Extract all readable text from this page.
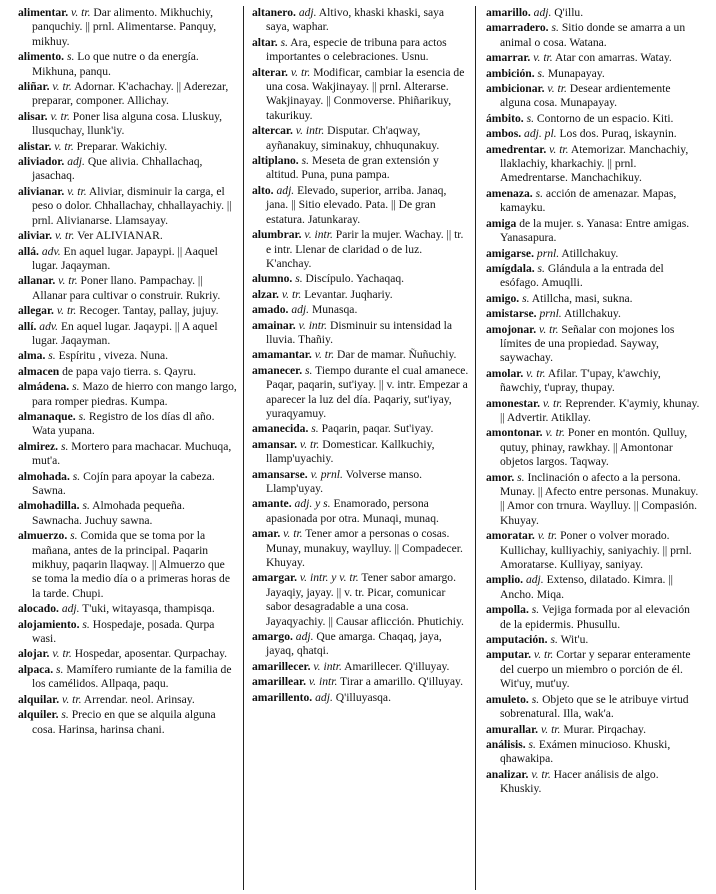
alimentar. v. tr. Dar alimento. Mikhuchiy, panquchiy. || prnl. Alimentarse. Panquy, mikhuy.
alimento. s. Lo que nutre o da energía. Mikhuna, panqu.
aliñar. v. tr. Adornar. K'achachay. || Aderezar, preparar, componer. Allichay.
alisar. v. tr. Poner lisa alguna cosa. Lluskuy, llusquchay, llunk'iy.
alistar. v. tr. Preparar. Wakichiy.
aliviador. adj. Que alivia. Chhallachaq, jasachaq.
alivianar. v. tr. Aliviar, disminuir la carga, el peso o dolor. Chhallachay, chhallayachiy. || prnl. Alivianarse. Llamsayay.
aliviar. v. tr. Ver ALIVIANAR.
allá. adv. En aquel lugar. Japaypi. || Aaquel lugar. Jaqayman.
allanar. v. tr. Poner llano. Pampachay. || Allanar para cultivar o construir. Rukriy.
allegar. v. tr. Recoger. Tantay, pallay, jujuy.
allí. adv. En aquel lugar. Jaqaypi. || A aquel lugar. Jaqayman.
alma. s. Espíritu , viveza. Nuna.
almacen de papa vajo tierra. s. Qayru.
almádena. s. Mazo de hierro con mango largo, para romper piedras. Kumpa.
almanaque. s. Registro de los días dl año. Wata yupana.
almirez. s. Mortero para machacar. Muchuqa, mut'a.
almohada. s. Cojín para apoyar la cabeza. Sawna.
almohadilla. s. Almohada pequeña. Sawnacha. Juchuy sawna.
almuerzo. s. Comida que se toma por la mañana, antes de la principal. Paqarin mikhuy, paqarin llaqway. || Almuerzo que se toma la medio día o a primeras horas de la tarde. Chupi.
alocado. adj. T'uki, witayasqa, thampisqa.
alojamiento. s. Hospedaje, posada. Qurpa wasi.
alojar. v. tr. Hospedar, aposentar. Qurpachay.
alpaca. s. Mamífero rumiante de la familia de los camélidos. Allpaqa, paqu.
alquilar. v. tr. Arrendar. neol. Arinsay.
alquiler. s. Precio en que se alquila alguna cosa. Harinsa, harinsa chani.
altanero. adj. Altivo, khaski khaski, saya saya, waphar.
altar. s. Ara, especie de tribuna para actos importantes o celebraciones. Usnu.
alterar. v. tr. Modificar, cambiar la esencia de una cosa. Wakjinayay. || prnl. Alterarse. Wakjinayay. || Conmoverse. Phiñarikuy, takurikuy.
altercar. v. intr. Disputar. Ch'aqway, ayñanakuy, siminakuy, chhuqunakuy.
altiplano. s. Meseta de gran extensión y altitud. Puna, puna pampa.
alto. adj. Elevado, superior, arriba. Janaq, jana. || Sitio elevado. Pata. || De gran estatura. Jatunkaray.
alumbrar. v. intr. Parir la mujer. Wachay. || tr. e intr. Llenar de claridad o de luz. K'anchay.
alumno. s. Discípulo. Yachaqaq.
alzar. v. tr. Levantar. Juqhariy.
amado. adj. Munasqa.
amainar. v. intr. Disminuir su intensidad la lluvia. Thañiy.
amamantar. v. tr. Dar de mamar. Ñuñuchiy.
amanecer. s. Tiempo durante el cual amanece. Paqar, paqarin, sut'iyay. || v. intr. Empezar a aparecer la luz del día. Paqariy, sut'iyay, yuraqyamuy.
amanecida. s. Paqarin, paqar. Sut'iyay.
amansar. v. tr. Domesticar. Kallkuchiy, llamp'uyachiy.
amansarse. v. prnl. Volverse manso. Llamp'uyay.
amante. adj. y s. Enamorado, persona apasionada por otra. Munaqi, munaq.
amar. v. tr. Tener amor a personas o cosas. Munay, munakuy, waylluy. || Compadecer. Khuyay.
amargar. v. intr. y v. tr. Tener sabor amargo. Jayaqiy, jayay. || v. tr. Picar, comunicar sabor desagradable a una cosa. Jayaqyachiy. || Causar aflicción. Phutichiy.
amargo. adj. Que amarga. Chaqaq, jaya, jayaq, qhatqi.
amarillecer. v. intr. Amarillecer. Q'illuyay.
amarillear. v. intr. Tirar a amarillo. Q'illuyay.
amarillento. adj. Q'illuyasqa.
amarillo. adj. Q'illu.
amarradero. s. Sitio donde se amarra a un animal o cosa. Watana.
amarrar. v. tr. Atar con amarras. Watay.
ambición. s. Munapayay.
ambicionar. v. tr. Desear ardientemente alguna cosa. Munapayay.
ámbito. s. Contorno de un espacio. Kiti.
ambos. adj. pl. Los dos. Puraq, iskaynin.
amedrentar. v. tr. Atemorizar. Manchachiy, llaklachiy, kharkachiy. || prnl. Amedrentarse. Manchachikuy.
amenaza. s. acción de amenazar. Mapas, kamayku.
amiga de la mujer. s. Yanasa: Entre amigas. Yanasapura.
amigarse. prnl. Atillchakuy.
amígdala. s. Glándula a la entrada del esófago. Amuqlli.
amigo. s. Atillcha, masi, sukna.
amistarse. prnl. Atillchakuy.
amojonar. v. tr. Señalar con mojones los límites de una propiedad. Sayway, saywachay.
amolar. v. tr. Afilar. T'upay, k'awchiy, ñawchiy, t'upray, thupay.
amonestar. v. tr. Reprender. K'aymiy, khunay. || Advertir. Atikllay.
amontonar. v. tr. Poner en montón. Qulluy, qutuy, phinay, rawkhay. || Amontonar objetos largos. Taqway.
amor. s. Inclinación o afecto a la persona. Munay. || Afecto entre personas. Munakuy. || Amor con trnura. Waylluy. || Compasión. Khuyay.
amoratar. v. tr. Poner o volver morado. Kullichay, kulliyachiy, saniyachiy. || prnl. Amoratarse. Kulliyay, saniyay.
amplio. adj. Extenso, dilatado. Kimra. || Ancho. Miqa.
ampolla. s. Vejiga formada por al elevación de la epidermis. Phusullu.
amputación. s. Wit'u.
amputar. v. tr. Cortar y separar enteramente del cuerpo un miembro o porción de él. Wit'uy, mut'uy.
amuleto. s. Objeto que se le atribuye virtud sobrenatural. Illa, wak'a.
amurallar. v. tr. Murar. Pirqachay.
análisis. s. Exámen minucioso. Khuski, qhawakipa.
analizar. v. tr. Hacer análisis de algo. Khuskiy.
